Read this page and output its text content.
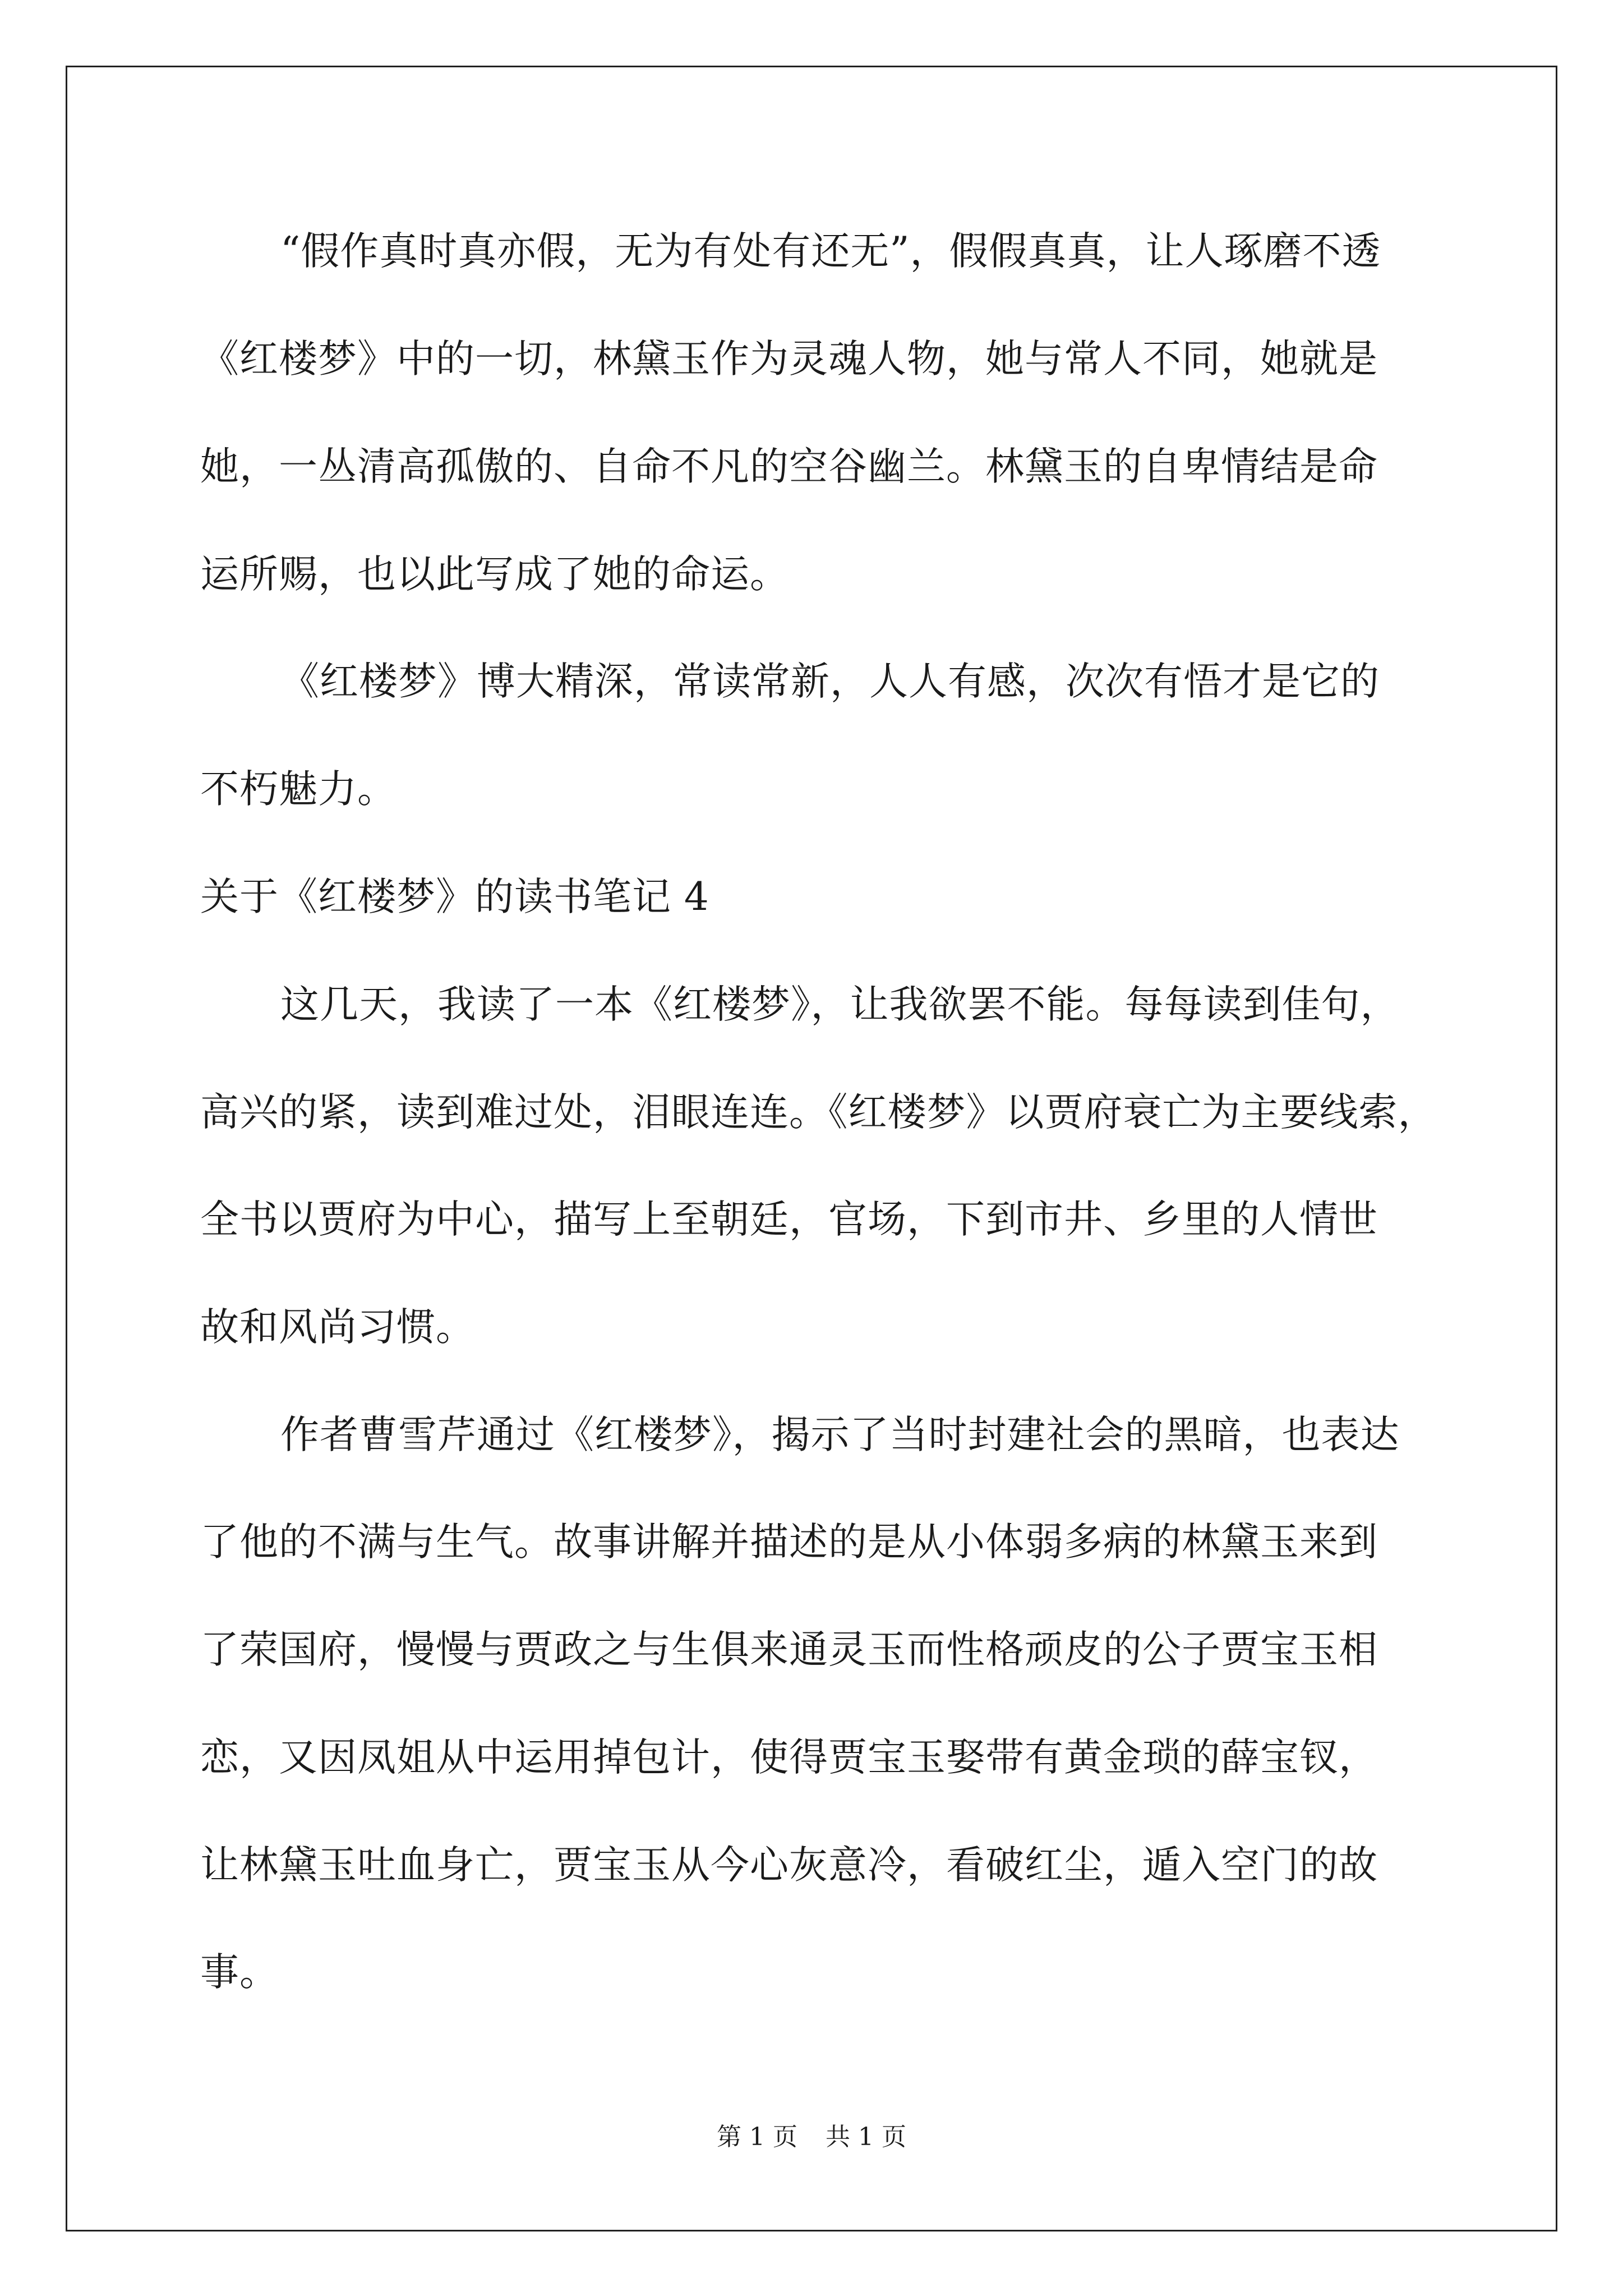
“假作真时真亦假，无为有处有还无”，假假真真，让人琢磨不透
《红楼梦》中的一切，林黛玉作为灵魂人物，她与常人不同，她就是
她，一丛清高孤傲的、自命不凡的空谷幽兰。林黛玉的自卑情结是命
运所赐，也以此写成了她的命运。
《红楼梦》博大精深，常读常新，人人有感，次次有悟才是它的
不朽魅力。
关于《红楼梦》的读书笔记 4
这几天，我读了一本《红楼梦》，让我欲罢不能。每每读到佳句，
高兴的紧，读到难过处，泪眼连连。《红楼梦》以贾府衰亡为主要线索，
全书以贾府为中心，描写上至朝廷，官场，下到市井、乡里的人情世
故和风尚习惯。
作者曹雪芹通过《红楼梦》，揭示了当时封建社会的黑暗，也表达
了他的不满与生气。故事讲解并描述的是从小体弱多病的林黛玉来到
了荣国府，慢慢与贾政之与生俱来通灵玉而性格顽皮的公子贾宝玉相
恋，又因凤姐从中运用掉包计，使得贾宝玉娶带有黄金琐的薛宝钗，
让林黛玉吐血身亡，贾宝玉从今心灰意冷，看破红尘，遁入空门的故
事。
第 1 页 共 1 页
